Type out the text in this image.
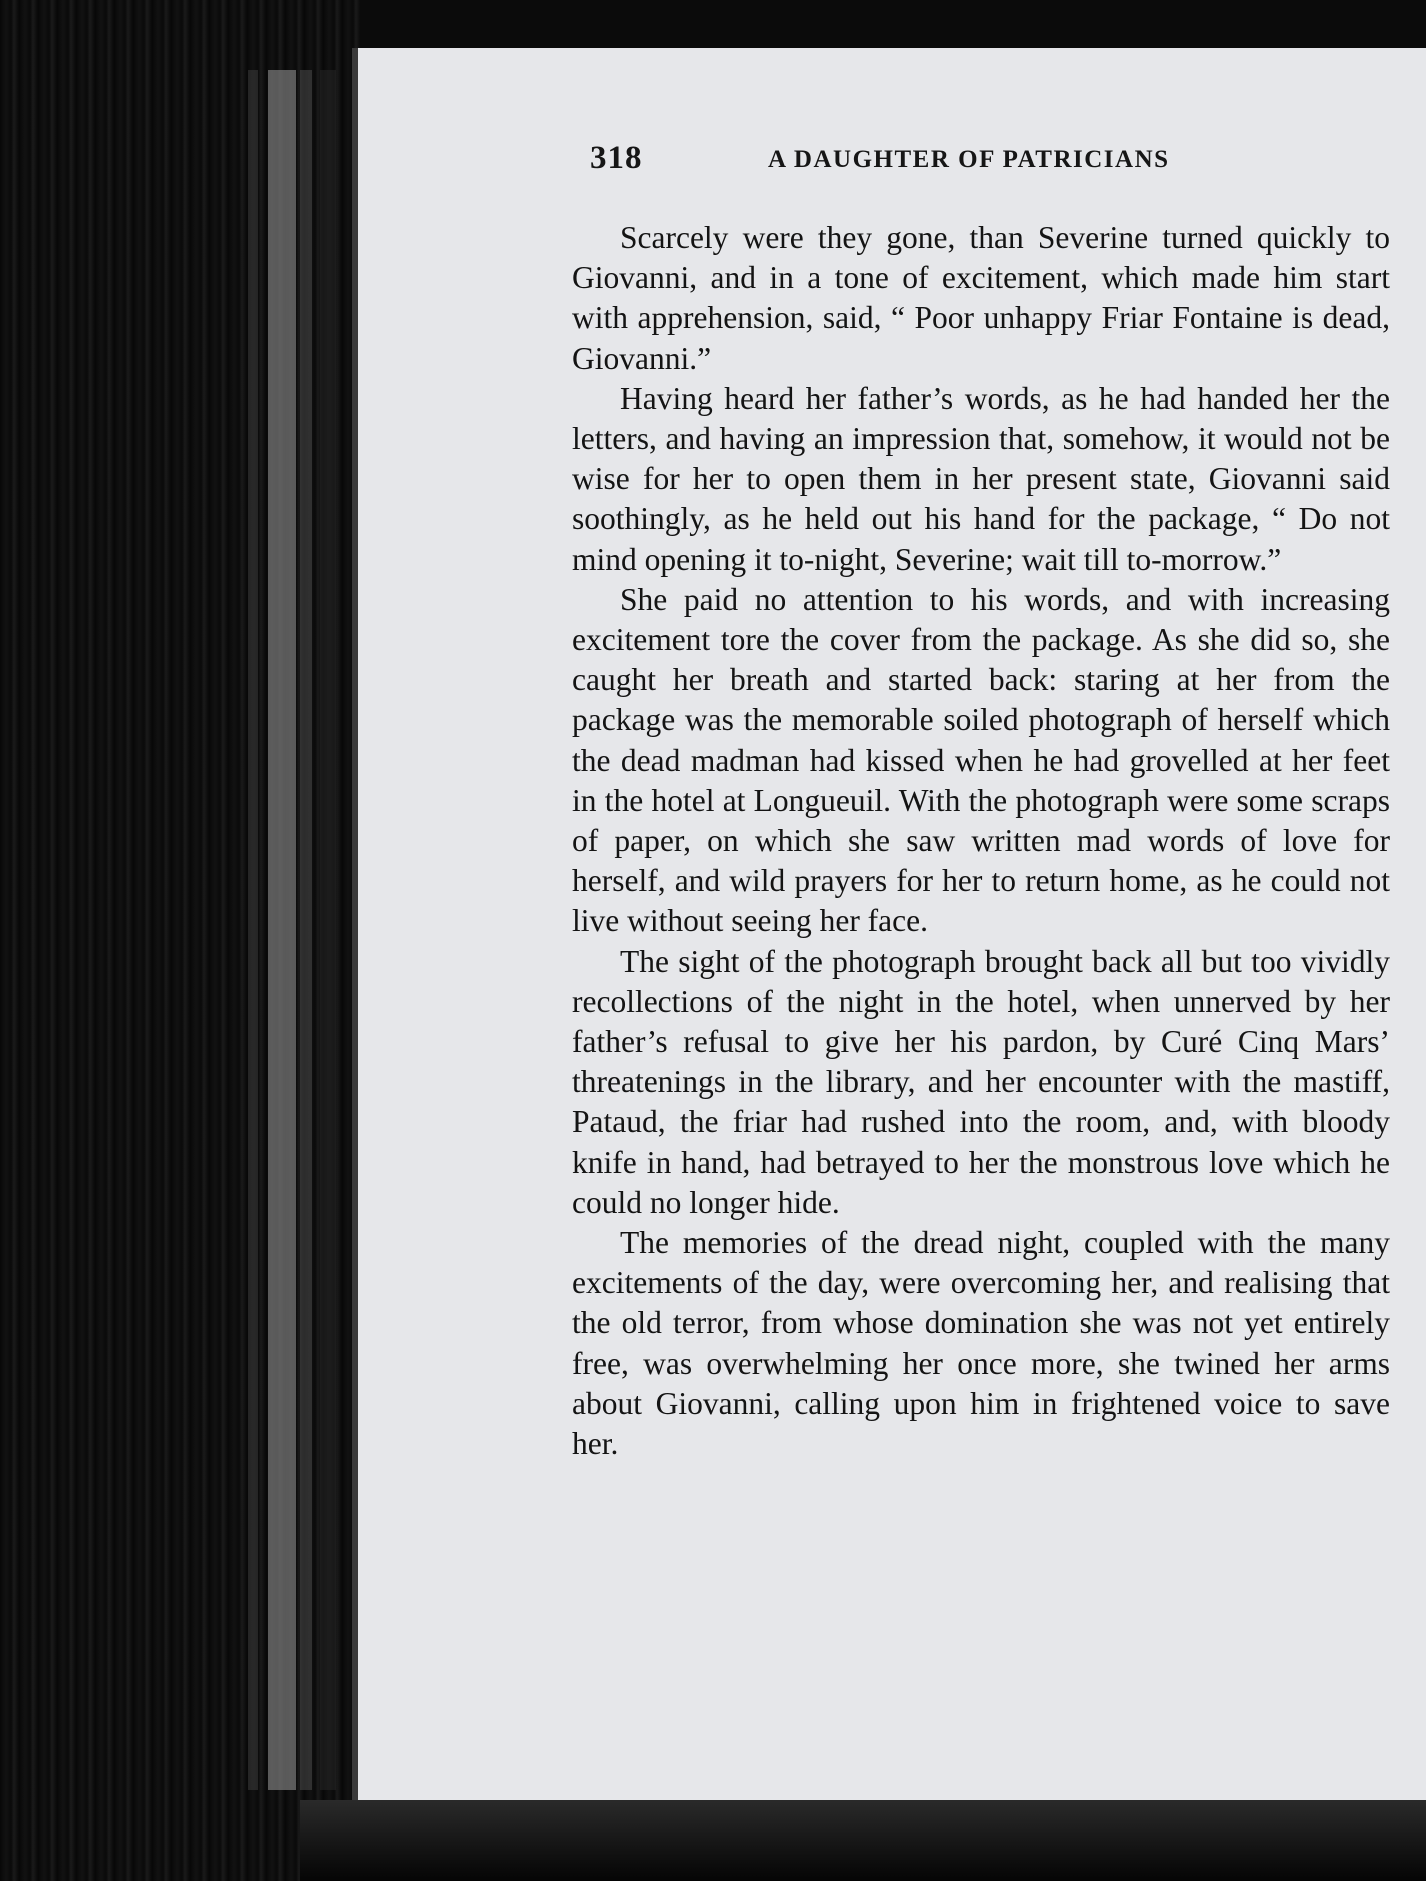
318	A DAUGHTER OF PATRICIANS

Scarcely were they gone, than Severine turned quickly to Giovanni, and in a tone of excitement, which made him start with apprehension, said, “ Poor unhappy Friar Fontaine is dead, Giovanni.”

Having heard her father’s words, as he had handed her the letters, and having an impression that, somehow, it would not be wise for her to open them in her present state, Giovanni said soothingly, as he held out his hand for the package, “ Do not mind opening it to-night, Severine; wait till to-morrow.”

She paid no attention to his words, and with increasing excitement tore the cover from the package. As she did so, she caught her breath and started back: staring at her from the package was the memorable soiled photograph of herself which the dead madman had kissed when he had grovelled at her feet in the hotel at Longueuil. With the photograph were some scraps of paper, on which she saw written mad words of love for herself, and wild prayers for her to return home, as he could not live without seeing her face.

The sight of the photograph brought back all but too vividly recollections of the night in the hotel, when unnerved by her father’s refusal to give her his pardon, by Curé Cinq Mars’ threatenings in the library, and her encounter with the mastiff, Pataud, the friar had rushed into the room, and, with bloody knife in hand, had betrayed to her the monstrous love which he could no longer hide.

The memories of the dread night, coupled with the many excitements of the day, were overcoming her, and realising that the old terror, from whose domination she was not yet entirely free, was overwhelming her once more, she twined her arms about Giovanni, calling upon him in frightened voice to save her.
